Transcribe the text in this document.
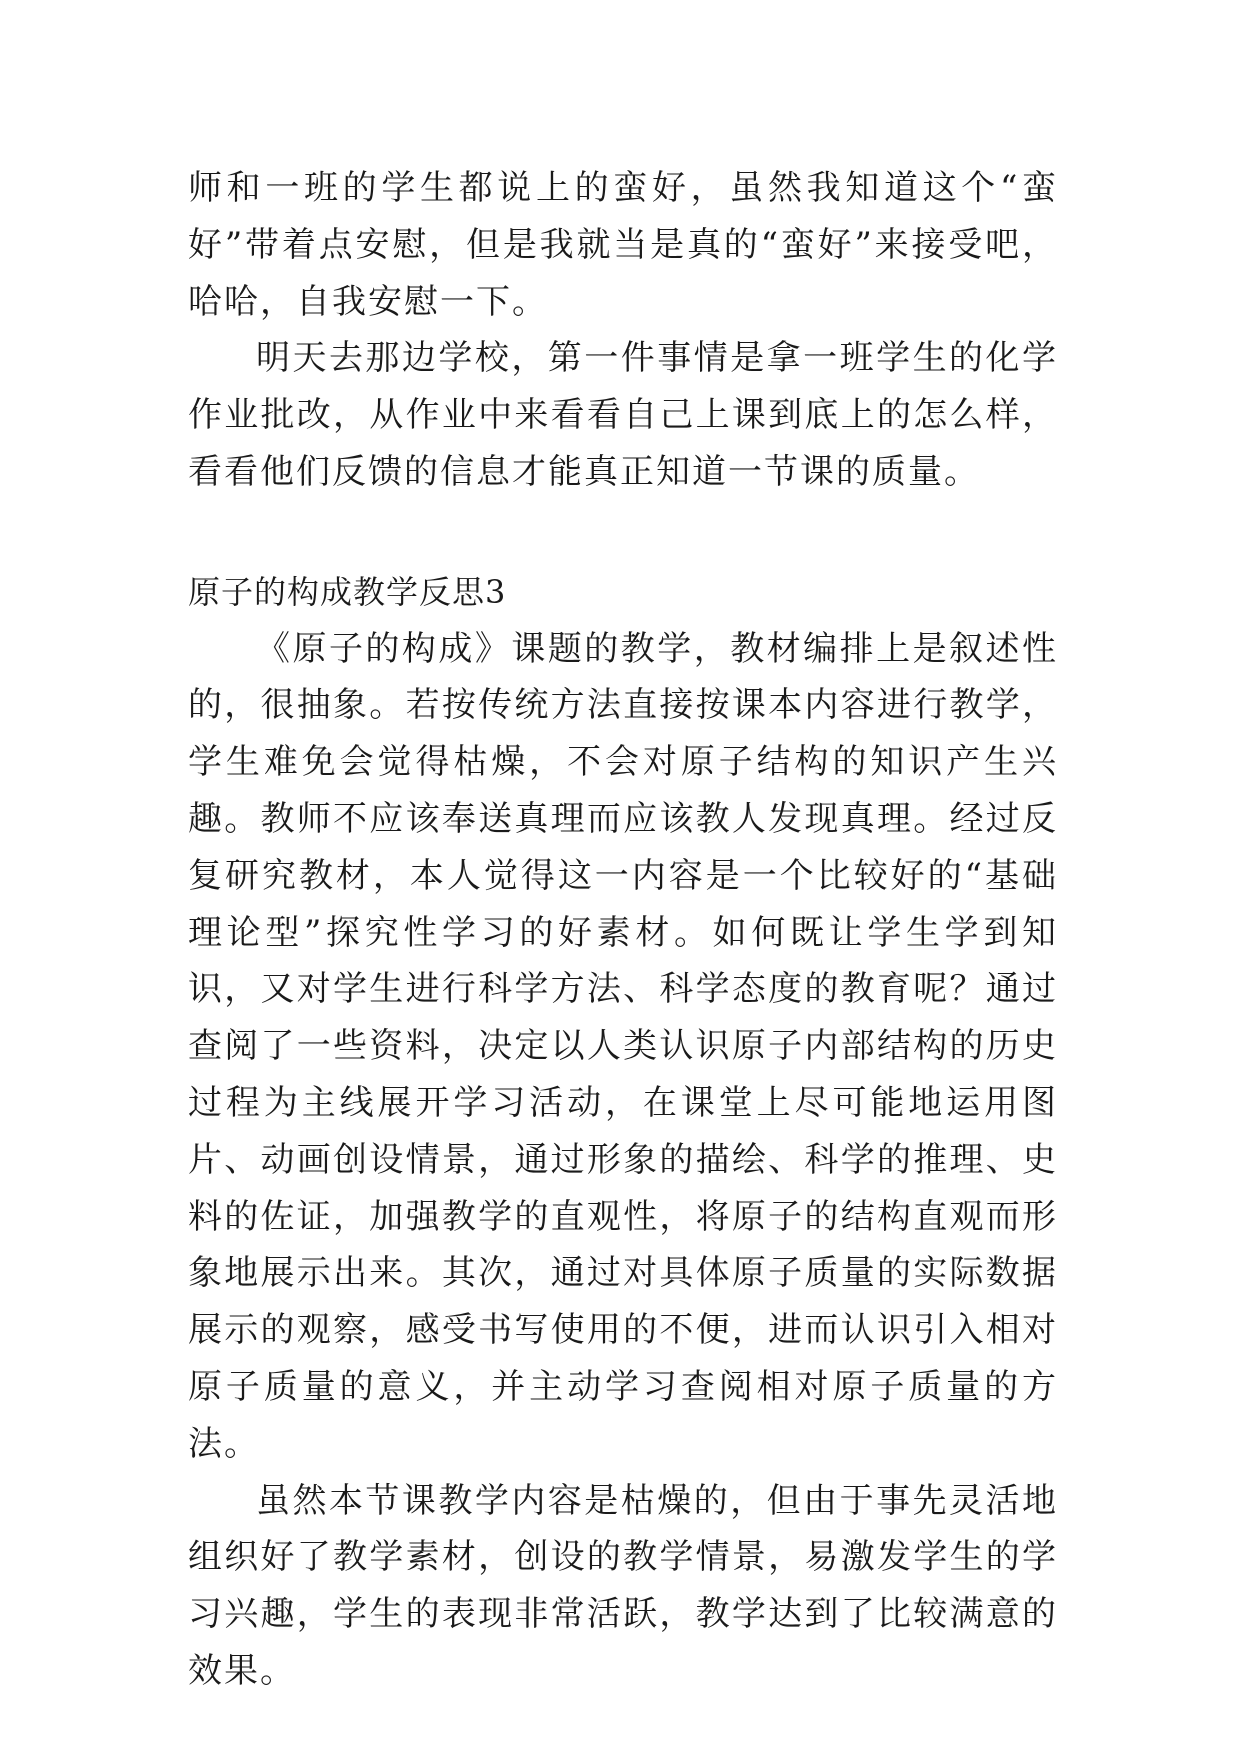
师和一班的学生都说上的蛮好，虽然我知道这个“蛮好”带着点安慰，但是我就当是真的“蛮好”来接受吧，哈哈，自我安慰一下。

明天去那边学校，第一件事情是拿一班学生的化学作业批改，从作业中来看看自己上课到底上的怎么样，看看他们反馈的信息才能真正知道一节课的质量。

原子的构成教学反思3

《原子的构成》课题的教学，教材编排上是叙述性的，很抽象。若按传统方法直接按课本内容进行教学，学生难免会觉得枯燥，不会对原子结构的知识产生兴趣。教师不应该奉送真理而应该教人发现真理。经过反复研究教材，本人觉得这一内容是一个比较好的“基础理论型”探究性学习的好素材。如何既让学生学到知识，又对学生进行科学方法、科学态度的教育呢？通过查阅了一些资料，决定以人类认识原子内部结构的历史过程为主线展开学习活动，在课堂上尽可能地运用图片、动画创设情景，通过形象的描绘、科学的推理、史料的佐证，加强教学的直观性，将原子的结构直观而形象地展示出来。其次，通过对具体原子质量的实际数据展示的观察，感受书写使用的不便，进而认识引入相对原子质量的意义，并主动学习查阅相对原子质量的方法。

虽然本节课教学内容是枯燥的，但由于事先灵活地组织好了教学素材，创设的教学情景，易激发学生的学习兴趣，学生的表现非常活跃，教学达到了比较满意的效果。
